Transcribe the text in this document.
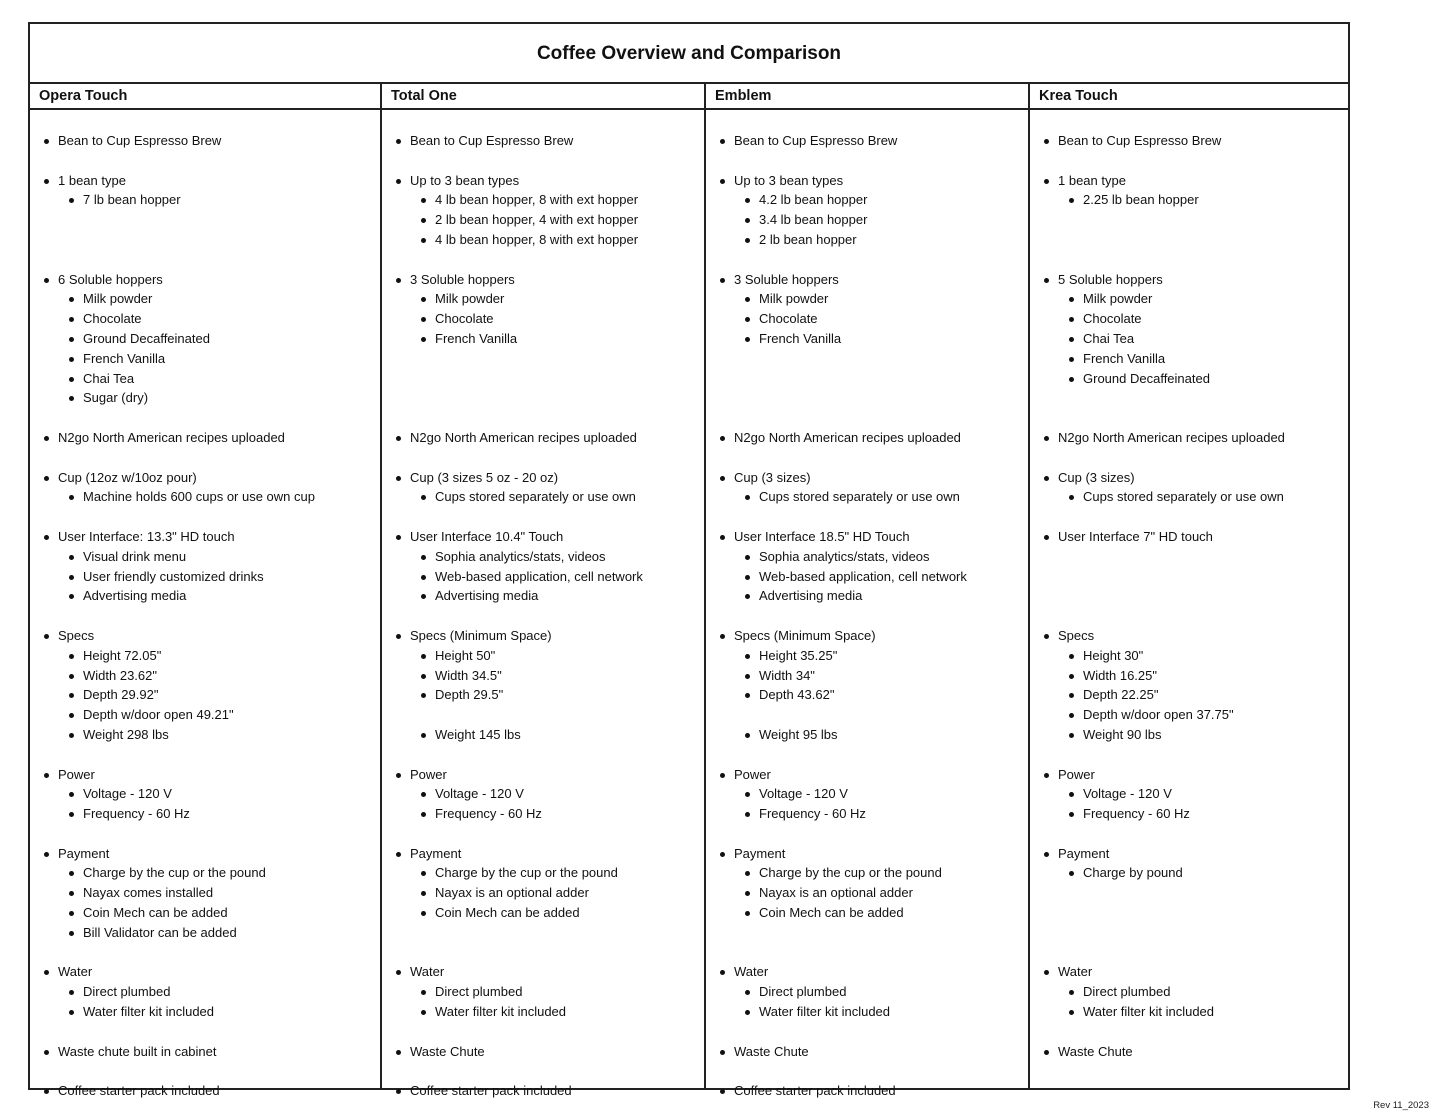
Coffee Overview and Comparison
Opera Touch
Bean to Cup Espresso Brew
1 bean type
7 lb bean hopper
6 Soluble hoppers
Milk powder
Chocolate
Ground Decaffeinated
French Vanilla
Chai Tea
Sugar (dry)
N2go North American recipes uploaded
Cup (12oz w/10oz pour)
Machine holds 600 cups or use own cup
User Interface: 13.3" HD touch
Visual drink menu
User friendly customized drinks
Advertising media
Specs
Height 72.05"
Width 23.62"
Depth 29.92"
Depth w/door open 49.21"
Weight 298 lbs
Power
Voltage - 120 V
Frequency - 60 Hz
Payment
Charge by the cup or the pound
Nayax comes installed
Coin Mech can be added
Bill Validator can be added
Water
Direct plumbed
Water filter kit included
Waste chute built in cabinet
Coffee starter pack included
Total One
Bean to Cup Espresso Brew
Up to 3 bean types
4 lb bean hopper, 8 with ext hopper
2 lb bean hopper, 4 with ext hopper
4 lb bean hopper, 8 with ext hopper
3 Soluble hoppers
Milk powder
Chocolate
French Vanilla
N2go North American recipes uploaded
Cup (3 sizes 5 oz - 20 oz)
Cups stored separately or use own
User Interface 10.4" Touch
Sophia analytics/stats, videos
Web-based application, cell network
Advertising media
Specs (Minimum Space)
Height 50"
Width 34.5"
Depth 29.5"
Weight 145 lbs
Power
Voltage - 120 V
Frequency - 60 Hz
Payment
Charge by the cup or the pound
Nayax is an optional adder
Coin Mech can be added
Water
Direct plumbed
Water filter kit included
Waste Chute
Coffee starter pack included
Emblem
Bean to Cup Espresso Brew
Up to 3 bean types
4.2 lb bean hopper
3.4 lb bean hopper
2 lb bean hopper
3 Soluble hoppers
Milk powder
Chocolate
French Vanilla
N2go North American recipes uploaded
Cup (3 sizes)
Cups stored separately or use own
User Interface 18.5" HD Touch
Sophia analytics/stats, videos
Web-based application, cell network
Advertising media
Specs (Minimum Space)
Height 35.25"
Width 34"
Depth 43.62"
Weight 95 lbs
Power
Voltage - 120 V
Frequency - 60 Hz
Payment
Charge by the cup or the pound
Nayax is an optional adder
Coin Mech can be added
Water
Direct plumbed
Water filter kit included
Waste Chute
Coffee starter pack included
Krea Touch
Bean to Cup Espresso Brew
1 bean type
2.25 lb bean hopper
5 Soluble hoppers
Milk powder
Chocolate
Chai Tea
French Vanilla
Ground Decaffeinated
N2go North American recipes uploaded
Cup (3 sizes)
Cups stored separately or use own
User Interface 7" HD touch
Specs
Height 30"
Width 16.25"
Depth 22.25"
Depth w/door open 37.75"
Weight 90 lbs
Power
Voltage - 120 V
Frequency - 60 Hz
Payment
Charge by pound
Water
Direct plumbed
Water filter kit included
Waste Chute
Rev 11_2023
